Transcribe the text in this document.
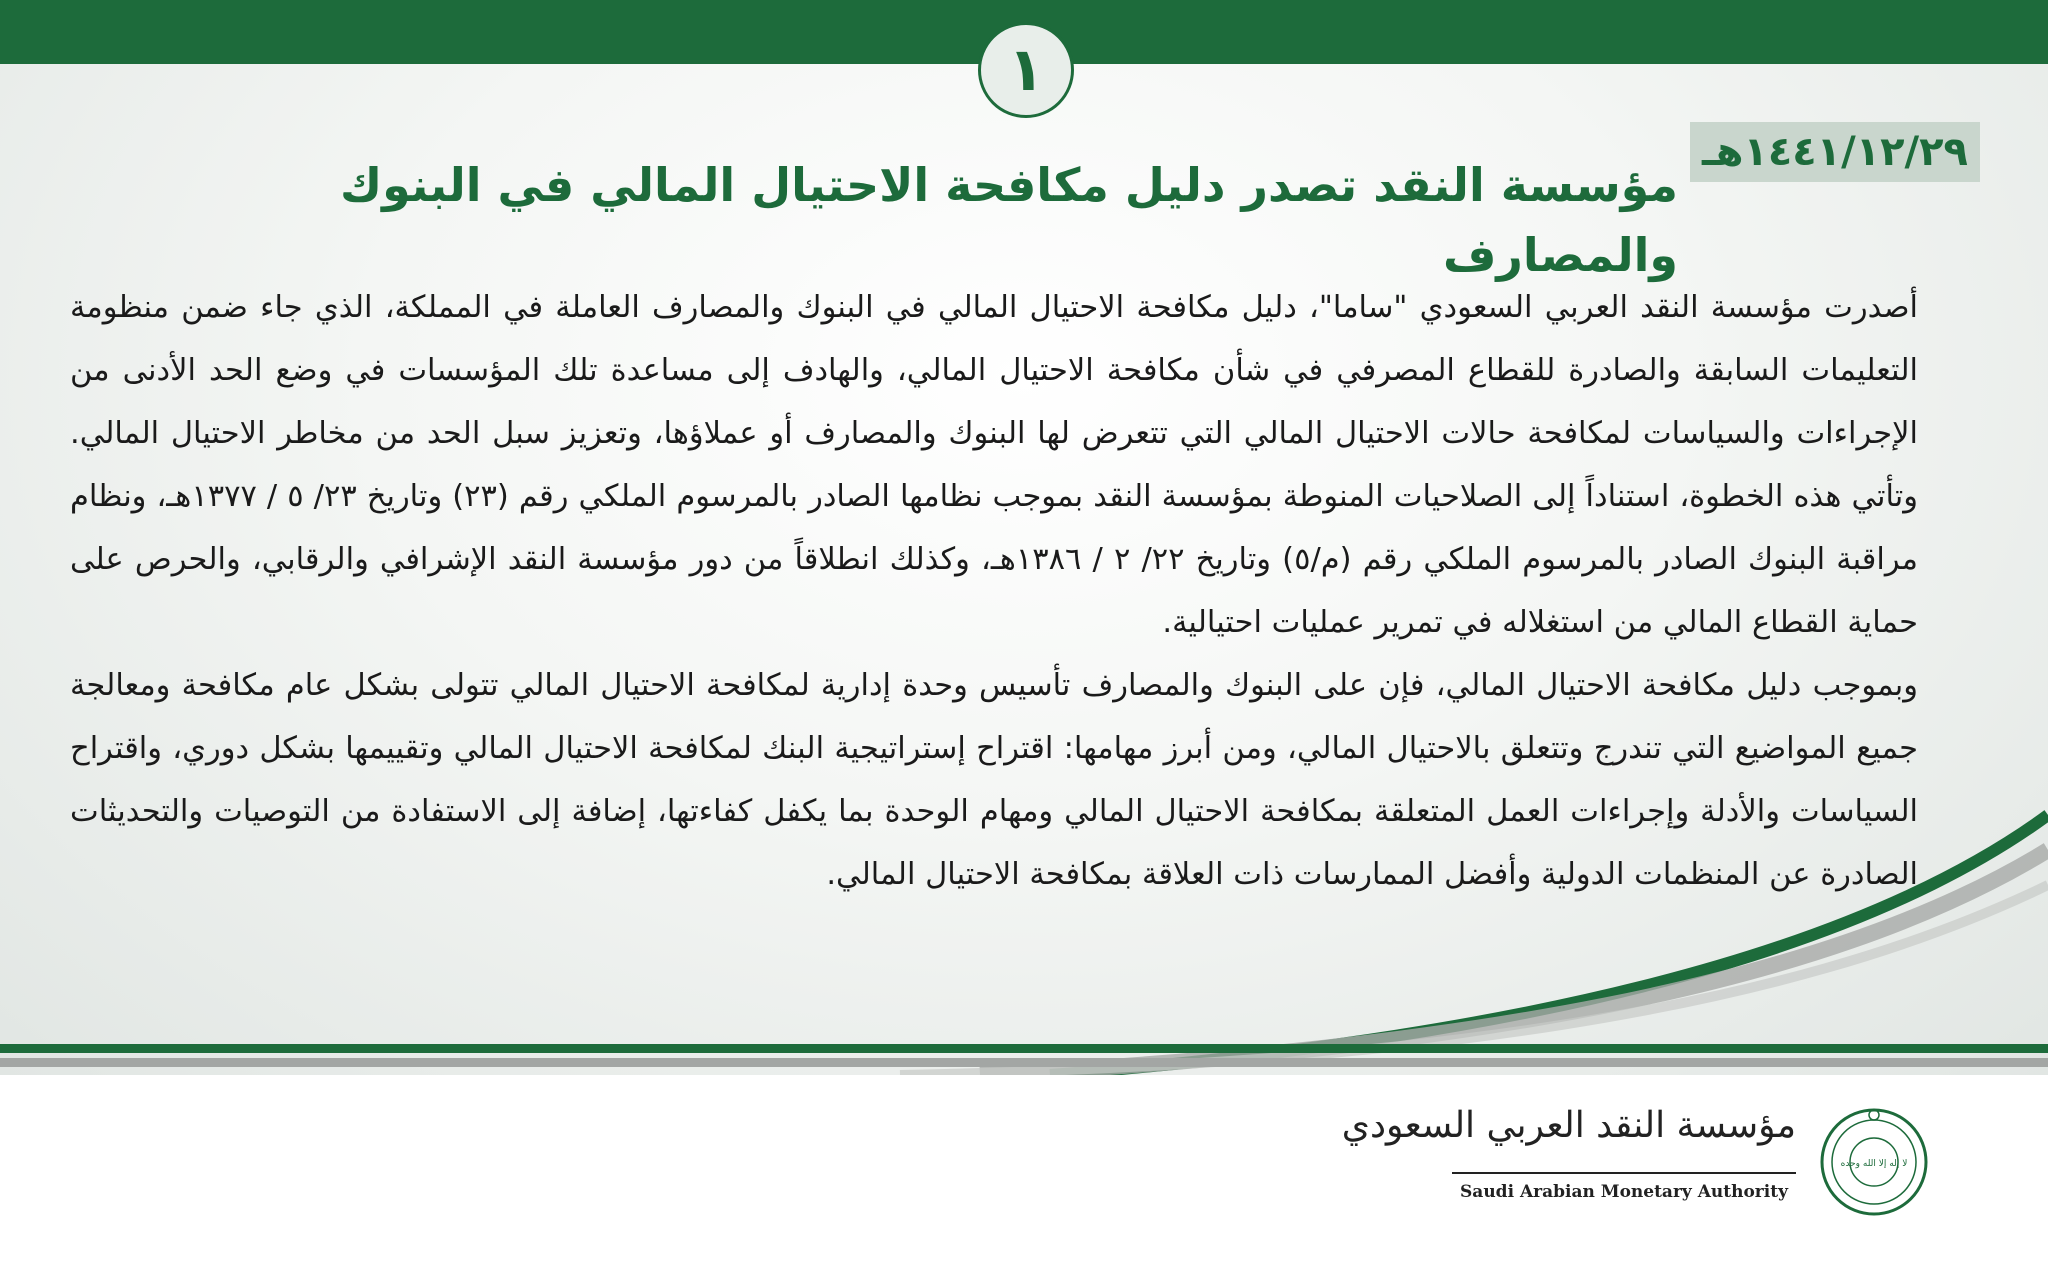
١
١٤٤١/١٢/٢٩هـ
مؤسسة النقد تصدر دليل مكافحة الاحتيال المالي في البنوك والمصارف

أصدرت مؤسسة النقد العربي السعودي "ساما"، دليل مكافحة الاحتيال المالي في البنوك والمصارف العاملة في المملكة، الذي جاء ضمن منظومة التعليمات السابقة والصادرة للقطاع المصرفي في شأن مكافحة الاحتيال المالي، والهادف إلى مساعدة تلك المؤسسات في وضع الحد الأدنى من الإجراءات والسياسات لمكافحة حالات الاحتيال المالي التي تتعرض لها البنوك والمصارف أو عملاؤها، وتعزيز سبل الحد من مخاطر الاحتيال المالي. وتأتي هذه الخطوة، استناداً إلى الصلاحيات المنوطة بمؤسسة النقد بموجب نظامها الصادر بالمرسوم الملكي رقم (٢٣) وتاريخ ٢٣/ ٥ / ١٣٧٧هـ، ونظام مراقبة البنوك الصادر بالمرسوم الملكي رقم (م/٥) وتاريخ ٢٢/ ٢ / ١٣٨٦هـ، وكذلك انطلاقاً من دور مؤسسة النقد الإشرافي والرقابي، والحرص على حماية القطاع المالي من استغلاله في تمرير عمليات احتيالية.

وبموجب دليل مكافحة الاحتيال المالي، فإن على البنوك والمصارف تأسيس وحدة إدارية لمكافحة الاحتيال المالي تتولى بشكل عام مكافحة ومعالجة جميع المواضيع التي تندرج وتتعلق بالاحتيال المالي، ومن أبرز مهامها: اقتراح إستراتيجية البنك لمكافحة الاحتيال المالي وتقييمها بشكل دوري، واقتراح السياسات والأدلة وإجراءات العمل المتعلقة بمكافحة الاحتيال المالي ومهام الوحدة بما يكفل كفاءتها، إضافة إلى الاستفادة من التوصيات والتحديثات الصادرة عن المنظمات الدولية وأفضل الممارسات ذات العلاقة بمكافحة الاحتيال المالي.

مؤسسة النقد العربي السعودي
Saudi Arabian Monetary Authority
لا إله إلا الله وحده
